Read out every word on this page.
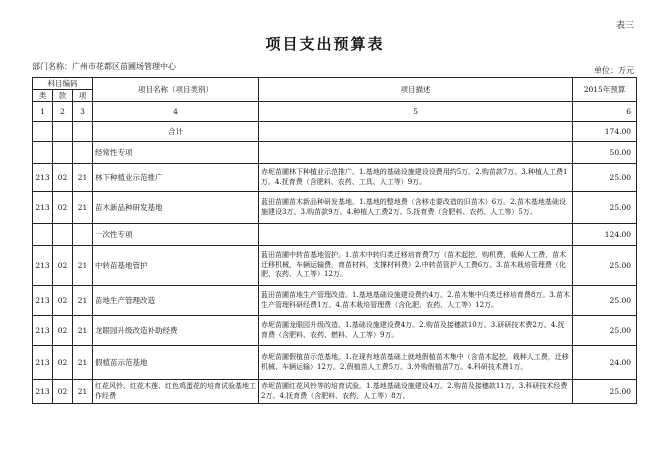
表三
项目支出预算表
部门名称：广州市花都区苗圃场管理中心	单位：万元
科目编码			项目名称（项目类别）	项目描述	2015年预算
类	款	项			
1	2	3	4	5	6
			合计		174.00
			经常性专项		50.00
213	02	21	林下种植业示范推广	赤坭苗圃林下种植业示范推广。1.基地的基础设施建设设费用约5万。2.购苗款7万。3.种植人工费1万。4.抚育费（含肥料、农药、工具、人工等）9万。	25.00
213	02	21	苗木新品种研发基地	蓝田苗圃苗木新品种研发基地。1.基地的整地费（含移走要改造的旧苗木）6万。2.苗木基地基础设施建设3万。3.购苗款9万。4.种植人工费2万。5.抚育费（含肥料、农药、人工等）5万。	25.00
			一次性专项		124.00
213	02	21	中转苗基地管护	蓝田苗圃中转苗基地管护。1.苗木中转归类迁移培育费7万（苗木起挖，购机费，栽种人工费，苗木迁移机械，车辆运输费，育苗材料，支撑材料费）2.中转苗管护人工费6万。3.苗木栽培管理费（化肥、农药、人工等）12万。	25.00
213	02	21	苗地生产管理改造	蓝田苗圃苗地生产管理改造。1.基地基础设施建设费约4万。2.苗木集中归类迁移培育费8万。3.苗木生产管理科研经费1万。4.苗木栽培管理费（含化肥、农药、人工等）12万。	25.00
213	02	21	龙眼园升级改造补助经费	赤坭苗圃龙眼园升级改造。1.基础设施建设费4万。2.购苗及接穗款10万。3.研研技术费2万。4.抚育费（含肥料、农药、燃料、人工等）9万。	25.00
213	02	21	假植苗示范基地	赤坭苗圃假植苗示范基地。1.在现有地苗基础上就地假植苗木集中（含苗木起挖，栽种人工费，迁移机械、车辆运输）12万。2.假植苗人工费5万。3.外购假植苗7万。4.科研技术费1万。	24.00
213	02	21	红花风铃、红花木莲、红色鸡蛋花的培育试验基地工作经费	赤坭苗圃红花风铃等的培育试验。1.基地基础设施建设4万。2.购苗及接穗款11万。3.科研技术经费2万。4.抚育费（含肥料、农药、人工等）8万。	25.00
